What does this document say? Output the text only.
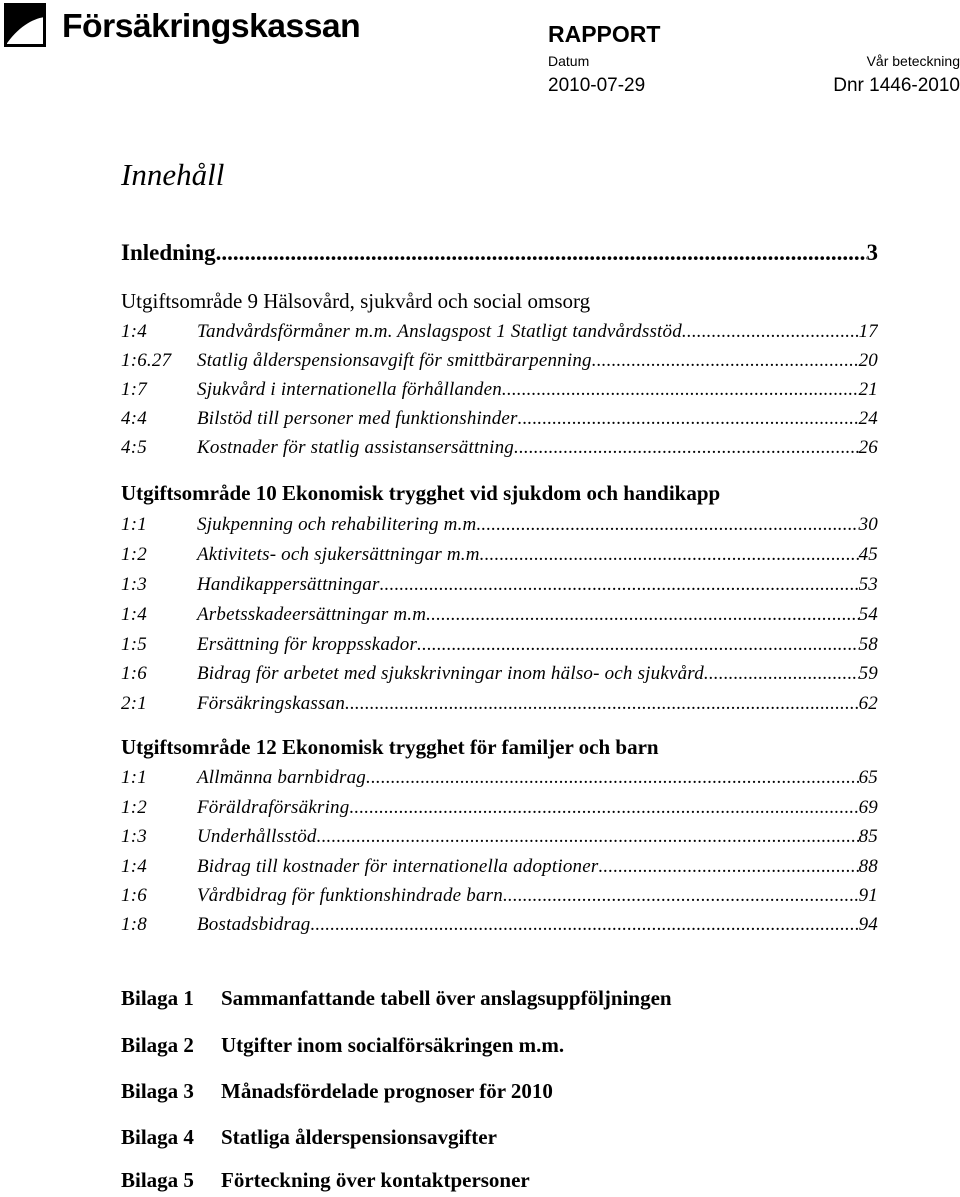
Försäkringskassan	RAPPORT
Datum	Vår beteckning
2010-07-29	Dnr 1446-2010
Innehåll
Inledning .....	3
Utgiftsområde 9 Hälsovård, sjukvård och social omsorg
1:4	Tandvårdsförmåner m.m. Anslagspost 1 Statligt tandvårdsstöd .....	17
1:6.27	Statlig ålderspensionsavgift för smittbärarpenning .....	20
1:7	Sjukvård i internationella förhållanden .....	21
4:4	Bilstöd till personer med funktionshinder .....	24
4:5	Kostnader för statlig assistansersättning .....	26
Utgiftsområde 10 Ekonomisk trygghet vid sjukdom och handikapp
1:1	Sjukpenning och rehabilitering m.m. .....	30
1:2	Aktivitets- och sjukersättningar m.m. .....	45
1:3	Handikappersättningar .....	53
1:4	Arbetsskadeersättningar m.m. .....	54
1:5	Ersättning för kroppsskador .....	58
1:6	Bidrag för arbetet med sjukskrivningar inom hälso- och sjukvård .....	59
2:1	Försäkringskassan .....	62
Utgiftsområde 12 Ekonomisk trygghet för familjer och barn
1:1	Allmänna barnbidrag .....	65
1:2	Föräldraförsäkring .....	69
1:3	Underhållsstöd .....	85
1:4	Bidrag till kostnader för internationella adoptioner .....	88
1:6	Vårdbidrag för funktionshindrade barn .....	91
1:8	Bostadsbidrag .....	94
Bilaga 1 Sammanfattande tabell över anslagsuppföljningen
Bilaga 2 Utgifter inom socialförsäkringen m.m.
Bilaga 3 Månadsfördelade prognoser för 2010
Bilaga 4 Statliga ålderspensionsavgifter
Bilaga 5 Förteckning över kontaktpersoner
